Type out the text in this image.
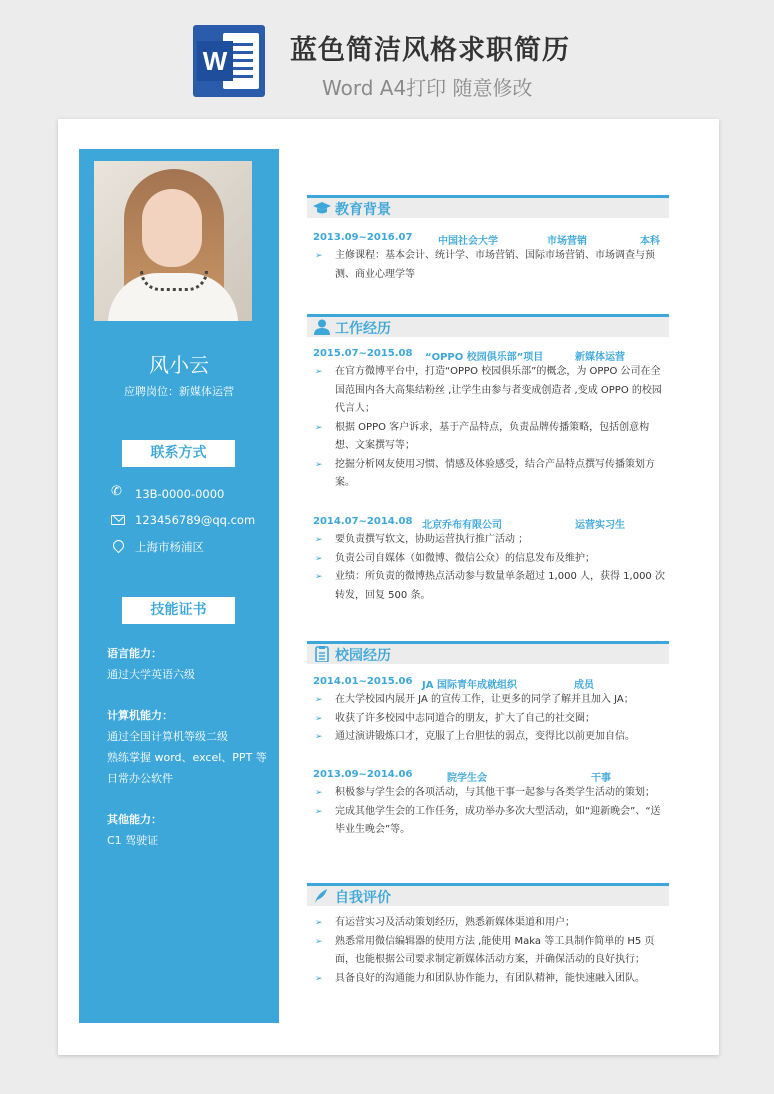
W 蓝色简洁风格求职简历
Word A4打印 随意修改
风小云
应聘岗位：新媒体运营
联系方式
✆
13B-0000-0000
123456789@qq.com
上海市杨浦区
技能证书
语言能力：
通过大学英语六级
计算机能力：
通过全国计算机等级二级
熟练掌握 word、excel、PPT 等
日常办公软件
其他能力：
C1 驾驶证
教育背景
2013.09~2016.07	中国社会大学	市场营销	本科
➢ 主修课程：基本会计、统计学、市场营销、国际市场营销、市场调查与预测、商业心理学等
工作经历
2015.07~2015.08 “OPPO 校园俱乐部”项目	新媒体运营
➢ 在官方微博平台中，打造“OPPO 校园俱乐部”的概念，为 OPPO 公司在全国范围内各大高集结粉丝 ,让学生由参与者变成创造者 ,变成 OPPO 的校园代言人；
➢ 根据 OPPO 客户诉求，基于产品特点，负责品牌传播策略，包括创意构想、文案撰写等；
➢ 挖掘分析网友使用习惯、情感及体验感受，结合产品特点撰写传播策划方案。
2014.07~2014.08 北京乔布有限公司	运营实习生
➢ 要负责撰写软文，协助运营执行推广活动 ；
➢ 负责公司自媒体（如微博、微信公众）的信息发布及维护；
➢ 业绩：所负责的微博热点活动参与数量单条超过 1,000 人，获得 1,000 次转发，回复 500 条。
校园经历
2014.01~2015.06 JA 国际青年成就组织	成员
➢ 在大学校园内展开 JA 的宣传工作，让更多的同学了解并且加入 JA；
➢ 收获了许多校园中志同道合的朋友，扩大了自己的社交圈；
➢ 通过演讲锻炼口才，克服了上台胆怯的弱点，变得比以前更加自信。
2013.09~2014.06	院学生会	干事
➢ 积极参与学生会的各项活动，与其他干事一起参与各类学生活动的策划；
➢ 完成其他学生会的工作任务，成功举办多次大型活动，如“迎新晚会”、“送毕业生晚会”等。
自我评价
➢ 有运营实习及活动策划经历，熟悉新媒体渠道和用户；
➢ 熟悉常用微信编辑器的使用方法 ,能使用 Maka 等工具制作简単的 H5 页面，也能根据公司要求制定新媒体活动方案，并确保活动的良好执行；
➢ 具备良好的沟通能力和团队协作能力，有团队精神，能快速融入团队。
